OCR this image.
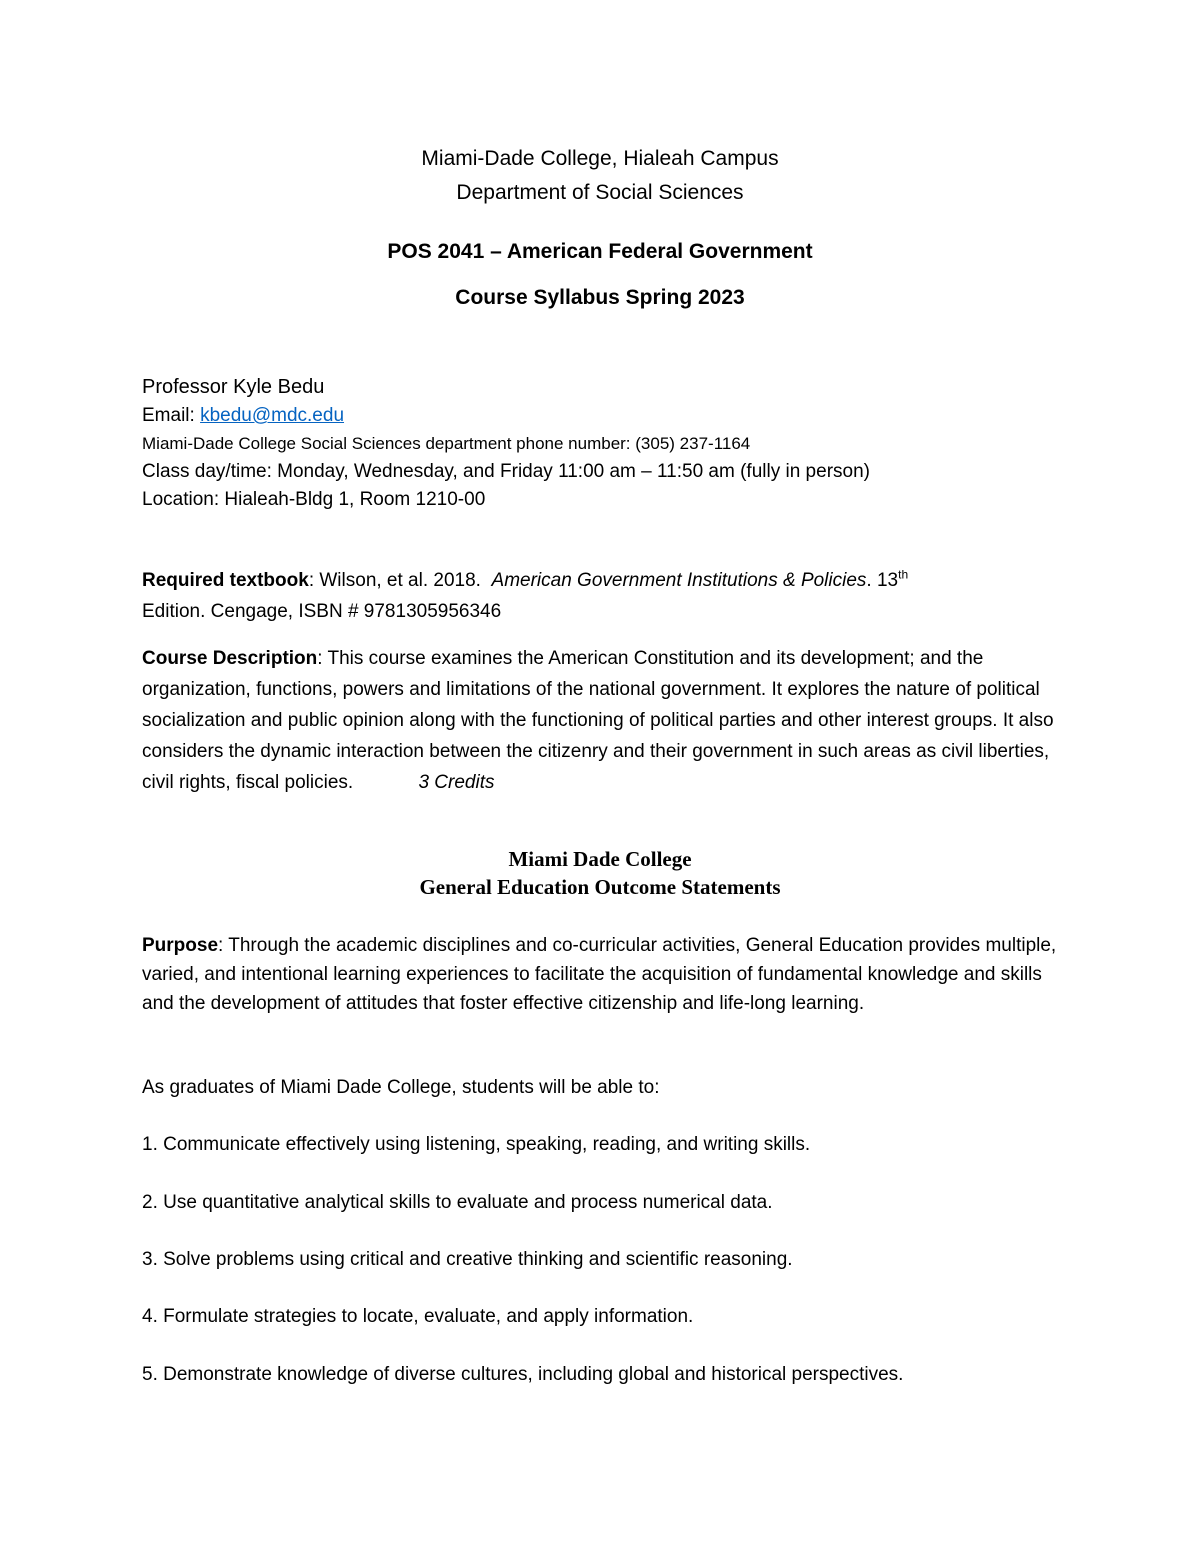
Miami-Dade College, Hialeah Campus
Department of Social Sciences
POS 2041 – American Federal Government
Course Syllabus Spring 2023
Professor Kyle Bedu
Email: kbedu@mdc.edu
Miami-Dade College Social Sciences department phone number: (305) 237-1164
Class day/time: Monday, Wednesday, and Friday 11:00 am – 11:50 am (fully in person)
Location: Hialeah-Bldg 1, Room 1210-00
Required textbook: Wilson, et al. 2018. American Government Institutions & Policies. 13th
Edition. Cengage, ISBN # 9781305956346
Course Description: This course examines the American Constitution and its development; and the organization, functions, powers and limitations of the national government. It explores the nature of political socialization and public opinion along with the functioning of political parties and other interest groups. It also considers the dynamic interaction between the citizenry and their government in such areas as civil liberties, civil rights, fiscal policies.	3 Credits
Miami Dade College
General Education Outcome Statements
Purpose: Through the academic disciplines and co-curricular activities, General Education provides multiple, varied, and intentional learning experiences to facilitate the acquisition of fundamental knowledge and skills and the development of attitudes that foster effective citizenship and life-long learning.
As graduates of Miami Dade College, students will be able to:
1. Communicate effectively using listening, speaking, reading, and writing skills.
2. Use quantitative analytical skills to evaluate and process numerical data.
3. Solve problems using critical and creative thinking and scientific reasoning.
4. Formulate strategies to locate, evaluate, and apply information.
5. Demonstrate knowledge of diverse cultures, including global and historical perspectives.
